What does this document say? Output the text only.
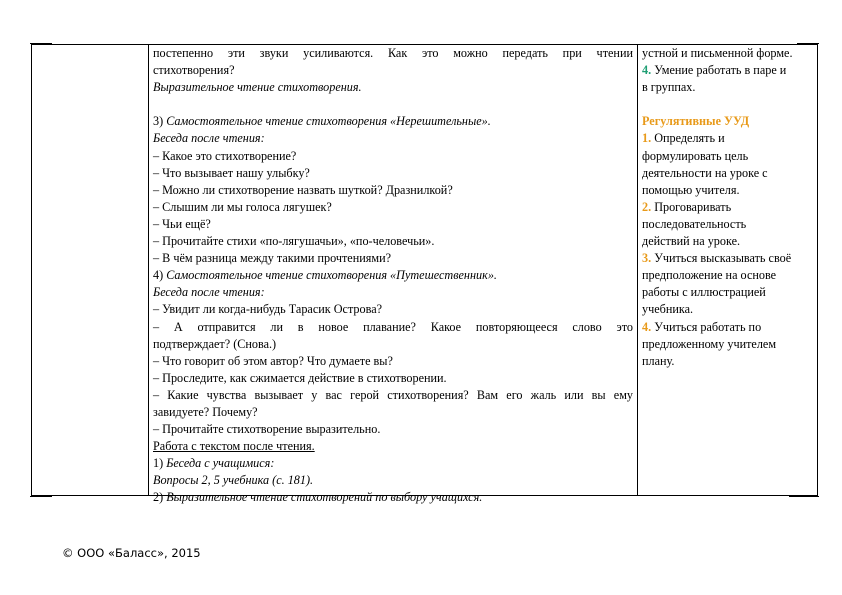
постепенно эти звуки усиливаются. Как это можно передать при чтении
стихотворения?
Выразительное чтение стихотворения.
3) Самостоятельное чтение стихотворения «Нерешительные».
Беседа после чтения:
– Какое это стихотворение?
– Что вызывает нашу улыбку?
– Можно ли стихотворение назвать шуткой? Дразнилкой?
– Слышим ли мы голоса лягушек?
– Чьи ещё?
– Прочитайте стихи «по-лягушачьи», «по-человечьи».
– В чём разница между такими прочтениями?
4) Самостоятельное чтение стихотворения «Путешественник».
Беседа после чтения:
– Увидит ли когда-нибудь Тарасик Острова?
– А отправится ли в новое плавание? Какое повторяющееся слово это
подтверждает? (Снова.)
– Что говорит об этом автор? Что думаете вы?
– Проследите, как сжимается действие в стихотворении.
– Какие чувства вызывает у вас герой стихотворения? Вам его жаль или вы ему
завидуете? Почему?
– Прочитайте стихотворение выразительно.
Работа с текстом после чтения.
1) Беседа с учащимися:
Вопросы 2, 5 учебника (с. 181).
2) Выразительное чтение стихотворений по выбору учащихся.
устной и письменной форме.
4. Умение работать в паре и
в группах.
Регулятивные УУД
1. Определять и
формулировать цель
деятельности на уроке с
помощью учителя.
2. Проговаривать
последовательность
действий на уроке.
3. Учиться высказывать своё
предположение на основе
работы с иллюстрацией
учебника.
4. Учиться работать по
предложенному учителем
плану.
© ООО «Баласс», 2015
